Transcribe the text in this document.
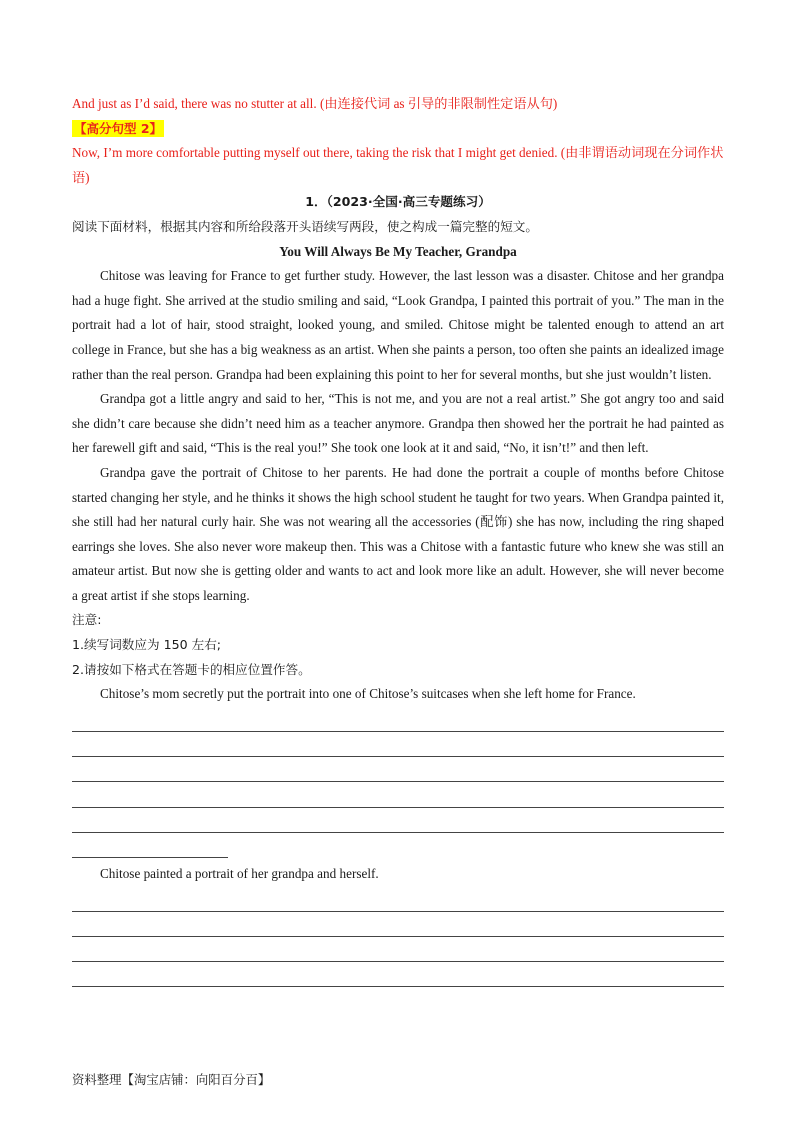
And just as I’d said, there was no stutter at all. (由连接代词 as 引导的非限制性定语从句)

【高分句型 2】

Now, I’m more comfortable putting myself out there, taking the risk that I might get denied. (由非谓语动词现在分词作状语)

1．（2023·全国·高三专题练习）

阅读下面材料，根据其内容和所给段落开头语续写两段，使之构成一篇完整的短文。

You Will Always Be My Teacher, Grandpa

Chitose was leaving for France to get further study. However, the last lesson was a disaster. Chitose and her grandpa had a huge fight. She arrived at the studio smiling and said, “Look Grandpa, I painted this portrait of you.” The man in the portrait had a lot of hair, stood straight, looked young, and smiled. Chitose might be talented enough to attend an art college in France, but she has a big weakness as an artist. When she paints a person, too often she paints an idealized image rather than the real person. Grandpa had been explaining this point to her for several months, but she just wouldn’t listen.

Grandpa got a little angry and said to her, “This is not me, and you are not a real artist.” She got angry too and said she didn’t care because she didn’t need him as a teacher anymore. Grandpa then showed her the portrait he had painted as her farewell gift and said, “This is the real you!” She took one look at it and said, “No, it isn’t!” and then left.

Grandpa gave the portrait of Chitose to her parents. He had done the portrait a couple of months before Chitose started changing her style, and he thinks it shows the high school student he taught for two years. When Grandpa painted it, she still had her natural curly hair. She was not wearing all the accessories (配饰) she has now, including the ring shaped earrings she loves. She also never wore makeup then. This was a Chitose with a fantastic future who knew she was still an amateur artist. But now she is getting older and wants to act and look more like an adult. However, she will never become a great artist if she stops learning.

注意:

1.续写词数应为 150 左右;

2.请按如下格式在答题卡的相应位置作答。

Chitose’s mom secretly put the portrait into one of Chitose’s suitcases when she left home for France.

Chitose painted a portrait of her grandpa and herself.

资料整理【淘宝店铺：向阳百分百】
